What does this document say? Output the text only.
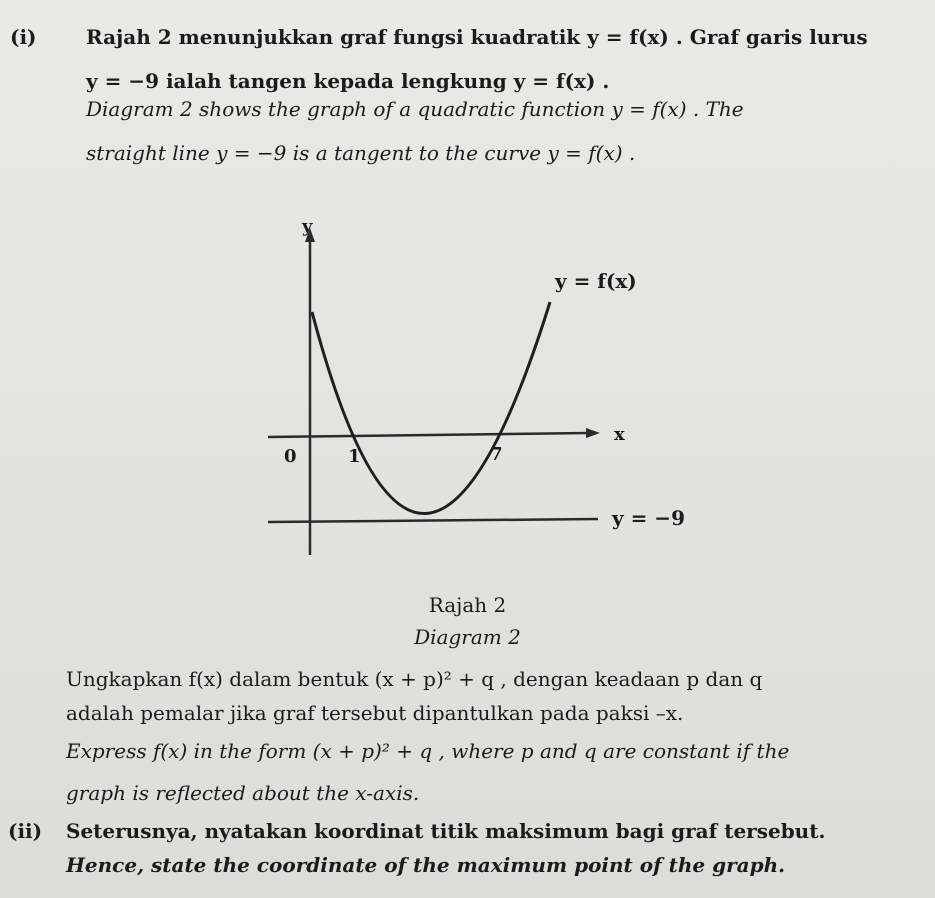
(i) Rajah 2 menunjukkan graf fungsi kuadratik y = f(x) . Graf garis lurus
y = −9 ialah tangen kepada lengkung y = f(x) .
Diagram 2 shows the graph of a quadratic function y = f(x) . The
straight line y = −9 is a tangent to the curve y = f(x) .
y
x
y = f(x)
y = −9
0	1	7
Rajah 2
Diagram 2
Ungkapkan f(x) dalam bentuk (x + p)² + q , dengan keadaan p dan q
adalah pemalar jika graf tersebut dipantulkan pada paksi –x.
Express f(x) in the form (x + p)² + q , where p and q are constant if the
graph is reflected about the x-axis.
(ii) Seterusnya, nyatakan koordinat titik maksimum bagi graf tersebut.
Hence, state the coordinate of the maximum point of the graph.
